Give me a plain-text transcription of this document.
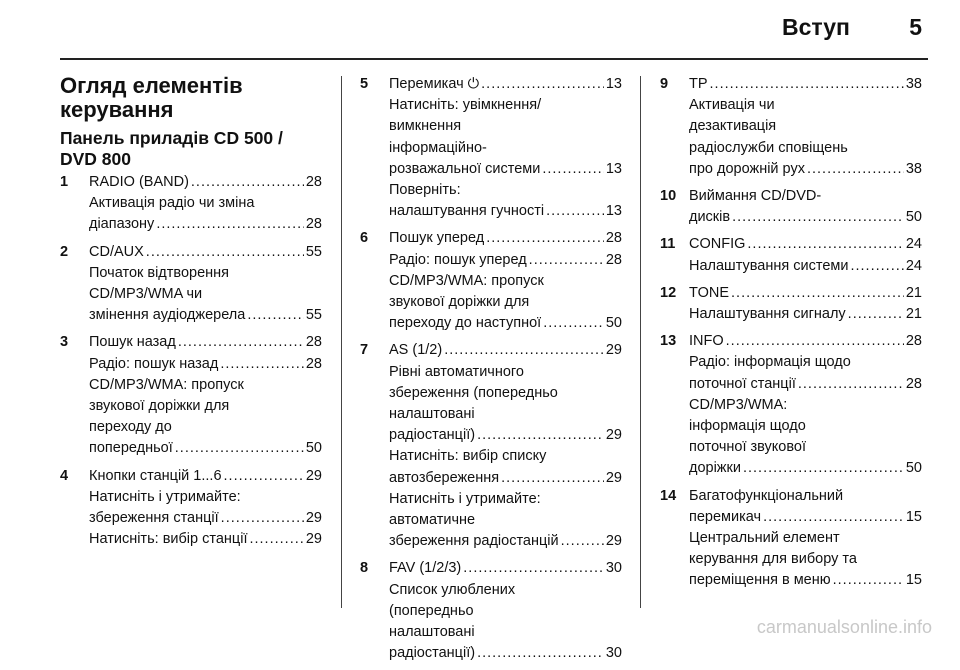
Вступ	5
Огляд елементів керування
Панель приладів CD 500 / DVD 800
1 RADIO (BAND) .....	28
Активація радіо чи зміна
діапазону .....	28
2 CD/AUX .....	55
Початок відтворення
CD/MP3/WMA чи
змінення аудіоджерела .....	55
3 Пошук назад .....	28
Радіо: пошук назад .....	28
CD/MP3/WMA: пропуск
звукової доріжки для
переходу до
попередньої .....	50
4 Кнопки станцій 1...6 .....	29
Натисніть і утримайте:
збереження станції .....	29
Натисніть: вибір станції .....	29
5 Перемикач ⏻ .....	13
Натисніть: увімкнення/
вимкнення
інформаційно-
розважальної системи .....	13
Поверніть:
налаштування гучності .....	13
6 Пошук уперед .....	28
Радіо: пошук уперед .....	28
CD/MP3/WMA: пропуск
звукової доріжки для
переходу до наступної .....	50
7 AS (1/2) .....	29
Рівні автоматичного
збереження (попередньо
налаштовані
радіостанції) .....	29
Натисніть: вибір списку
автозбереження .....	29
Натисніть і утримайте:
автоматичне
збереження радіостанцій .....	29
8 FAV (1/2/3) .....	30
Список улюблених
(попередньо
налаштовані
радіостанції) .....	30
9 TP .....	38
Активація чи
дезактивація
радіослужби сповіщень
про дорожній рух .....	38
10 Виймання CD/DVD-
дисків .....	50
11 CONFIG .....	24
Налаштування системи .....	24
12 TONE .....	21
Налаштування сигналу .....	21
13 INFO .....	28
Радіо: інформація щодо
поточної станції .....	28
CD/MP3/WMA:
інформація щодо
поточної звукової
доріжки .....	50
14 Багатофункціональний
перемикач .....	15
Центральний елемент
керування для вибору та
переміщення в меню .....	15
carmanualsonline.info
